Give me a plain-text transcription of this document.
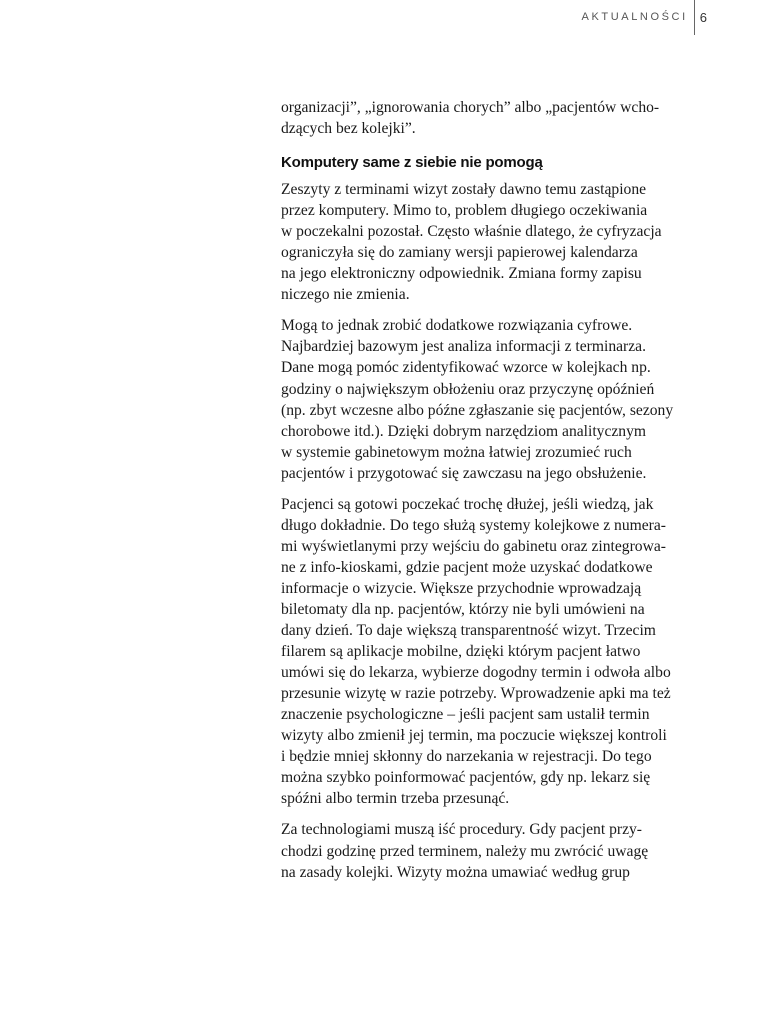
AKTUALNOŚCI 6

organizacji”, „ignorowania chorych” albo „pacjentów wcho-
dzących bez kolejki”.

Komputery same z siebie nie pomogą

Zeszyty z terminami wizyt zostały dawno temu zastąpione
przez komputery. Mimo to, problem długiego oczekiwania
w poczekalni pozostał. Często właśnie dlatego, że cyfryzacja
ograniczyła się do zamiany wersji papierowej kalendarza
na jego elektroniczny odpowiednik. Zmiana formy zapisu
niczego nie zmienia.

Mogą to jednak zrobić dodatkowe rozwiązania cyfrowe.
Najbardziej bazowym jest analiza informacji z terminarza.
Dane mogą pomóc zidentyfikować wzorce w kolejkach np.
godziny o największym obłożeniu oraz przyczynę opóźnień
(np. zbyt wczesne albo późne zgłaszanie się pacjentów, sezony
chorobowe itd.). Dzięki dobrym narzędziom analitycznym
w systemie gabinetowym można łatwiej zrozumieć ruch
pacjentów i przygotować się zawczasu na jego obsłużenie.

Pacjenci są gotowi poczekać trochę dłużej, jeśli wiedzą, jak
długo dokładnie. Do tego służą systemy kolejkowe z numera-
mi wyświetlanymi przy wejściu do gabinetu oraz zintegrowa-
ne z info-kioskami, gdzie pacjent może uzyskać dodatkowe
informacje o wizycie. Większe przychodnie wprowadzają
biletomaty dla np. pacjentów, którzy nie byli umówieni na
dany dzień. To daje większą transparentność wizyt. Trzecim
filarem są aplikacje mobilne, dzięki którym pacjent łatwo
umówi się do lekarza, wybierze dogodny termin i odwoła albo
przesunie wizytę w razie potrzeby. Wprowadzenie apki ma też
znaczenie psychologiczne – jeśli pacjent sam ustalił termin
wizyty albo zmienił jej termin, ma poczucie większej kontroli
i będzie mniej skłonny do narzekania w rejestracji. Do tego
można szybko poinformować pacjentów, gdy np. lekarz się
spóźni albo termin trzeba przesunąć.

Za technologiami muszą iść procedury. Gdy pacjent przy-
chodzi godzinę przed terminem, należy mu zwrócić uwagę
na zasady kolejki. Wizyty można umawiać według grup
